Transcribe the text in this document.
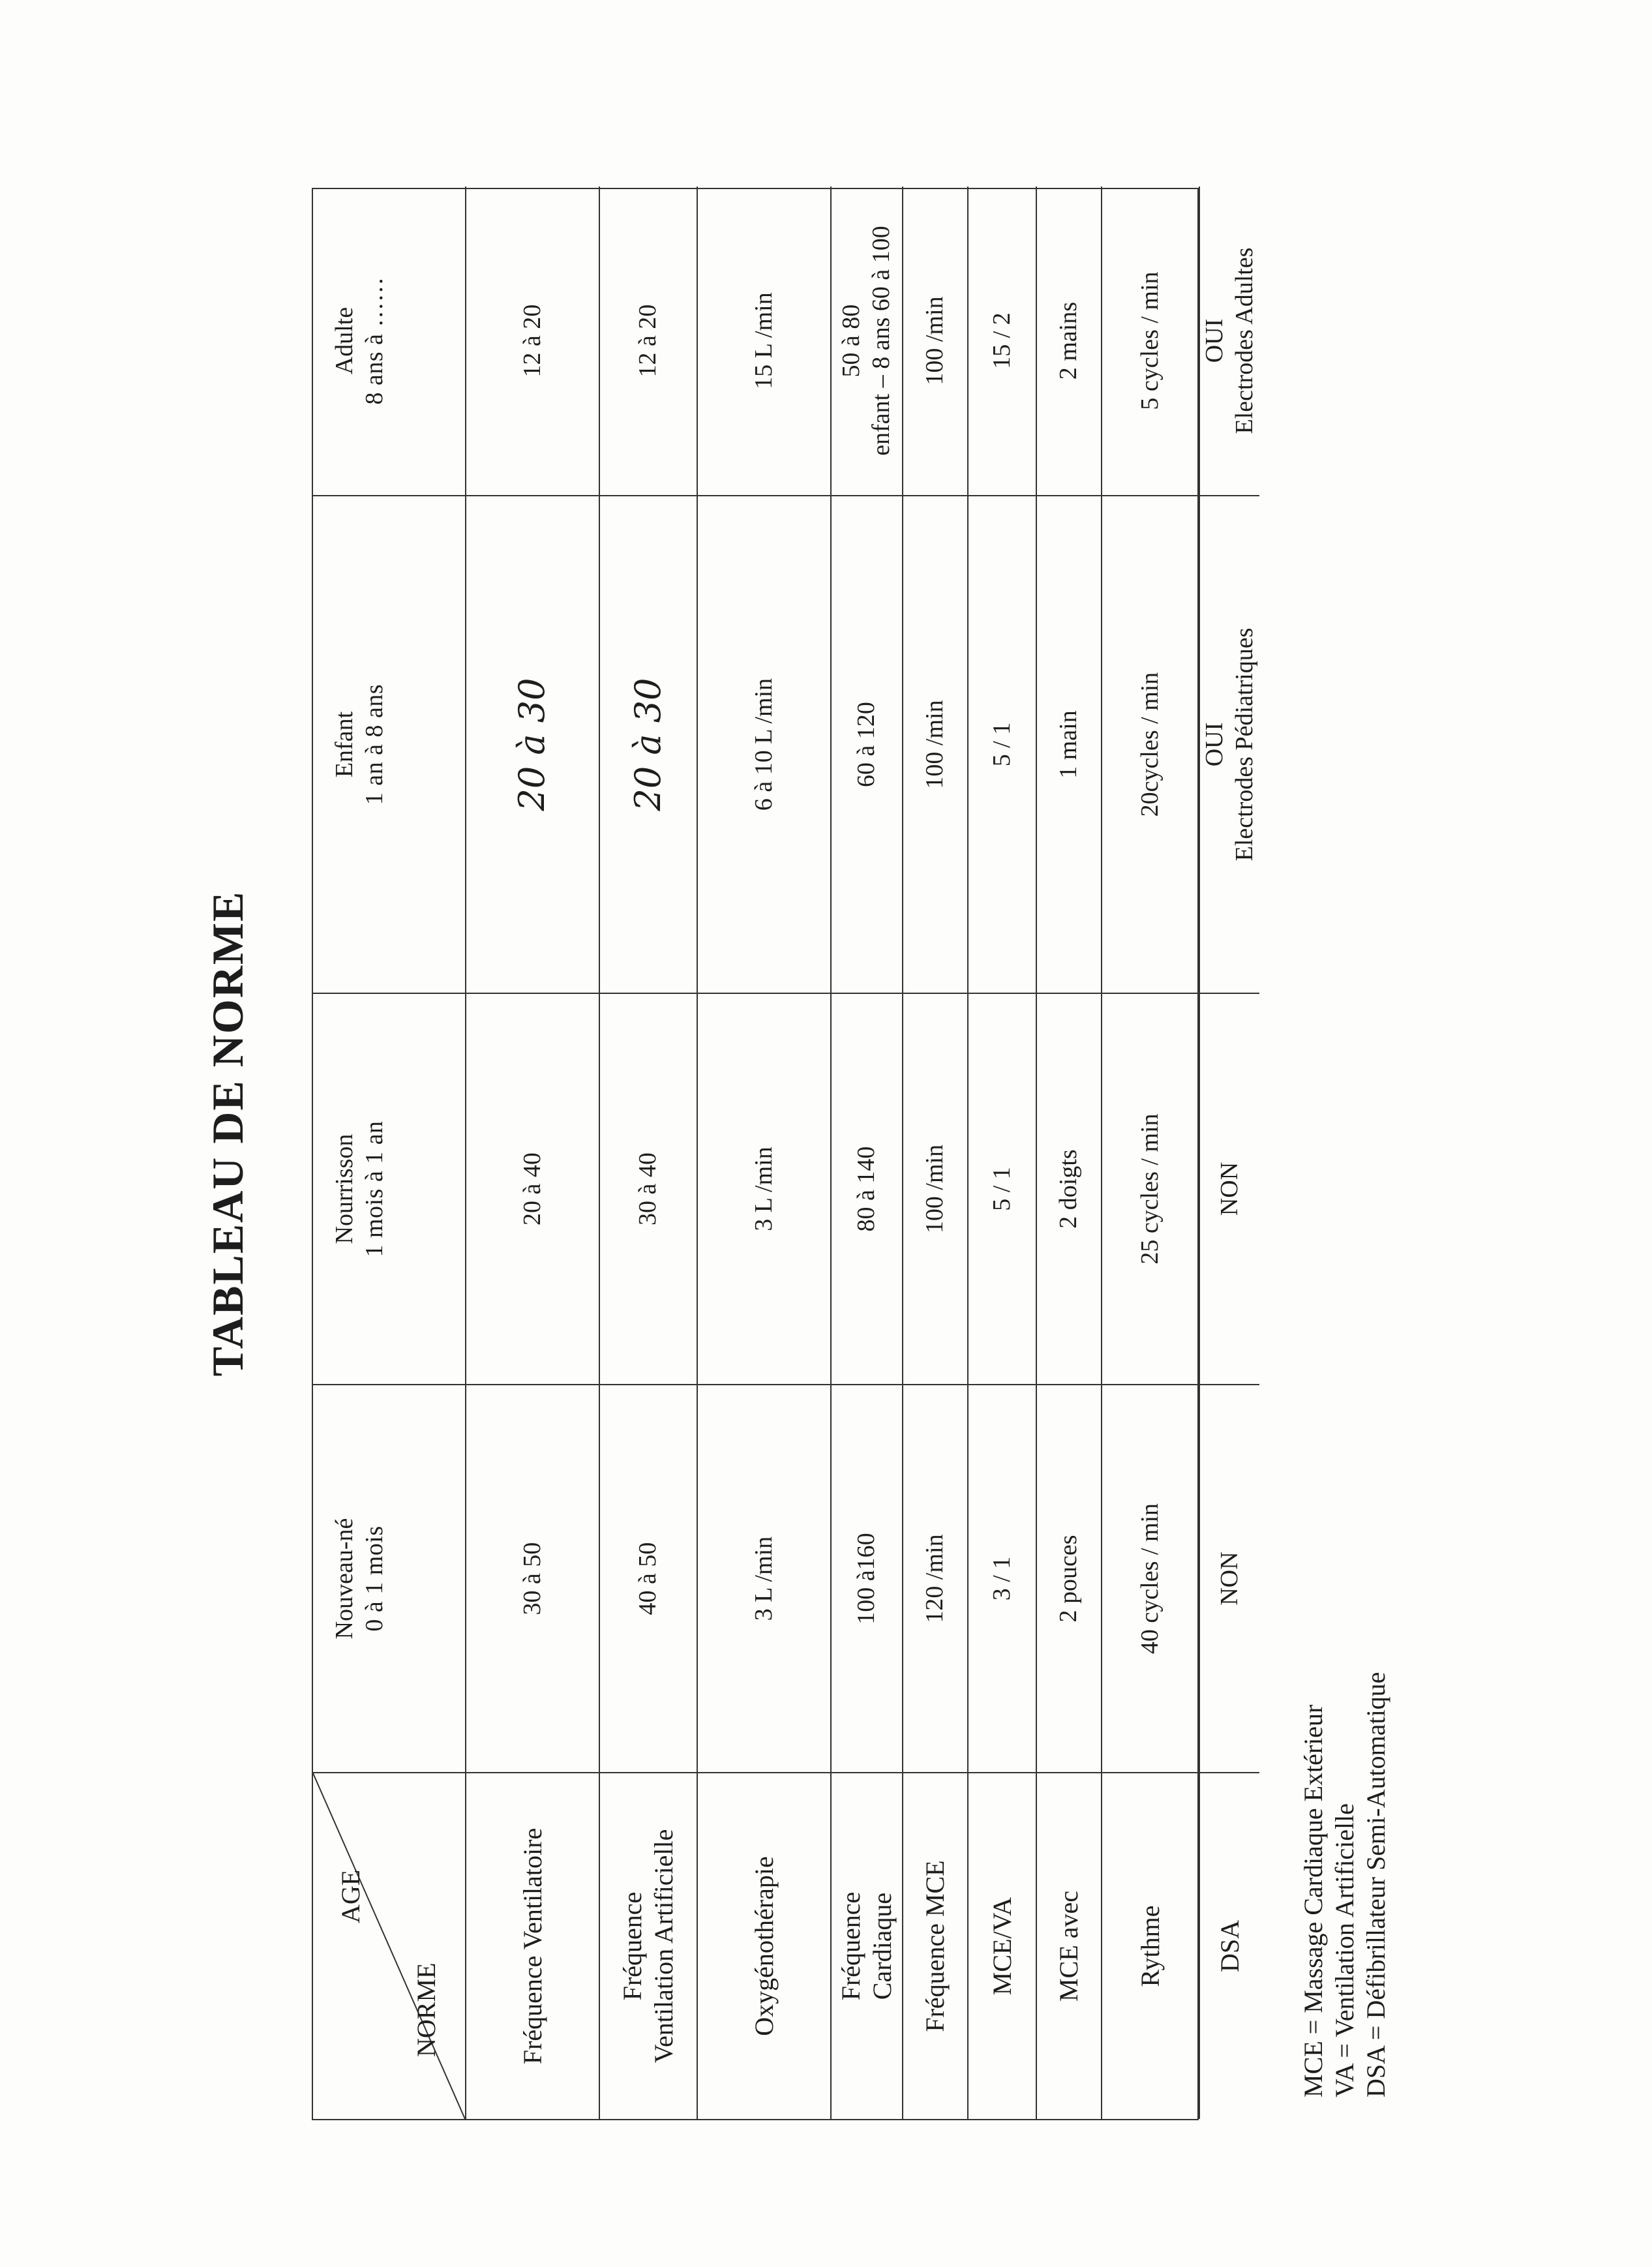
TABLEAU DE NORME
AGE
NORME
Nouveau-né 0 à 1 mois
Nourrisson 1 mois à 1 an
Enfant 1 an à 8 ans
Adulte 8 ans à ……
Fréquence Ventilatoire
30 à 50
20 à 40
20 à 30
12 à 20
Fréquence Ventilation Artificielle
40 à 50
30 à 40
20 à 30
12 à 20
Oxygénothérapie
3 L /min
3 L /min
6 à 10 L /min
15 L /min
Fréquence Cardiaque
100 à160
80 à 140
60 à 120
50 à 80 enfant – 8 ans 60 à 100
Fréquence MCE
120 /min
100 /min
100 /min
100 /min
MCE/VA
3 / 1
5 / 1
5 / 1
15 / 2
MCE avec
2 pouces
2 doigts
1 main
2 mains
Rythme
40 cycles / min
25 cycles / min
20cycles / min
5 cycles / min
DSA
NON
NON
OUI Electrodes Pédiatriques
OUI Electrodes Adultes
MCE = Massage Cardiaque Extérieur VA = Ventilation Artificielle DSA = Défibrillateur Semi-Automatique
